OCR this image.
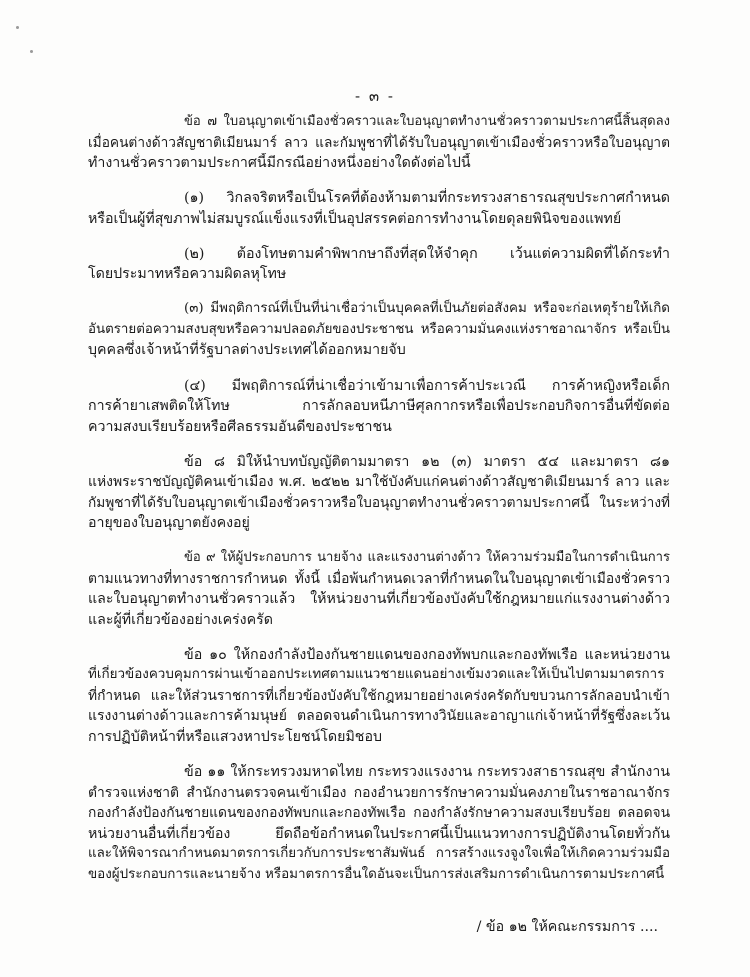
- ๓ -
ข้อ ๗ ใบอนุญาตเข้าเมืองชั่วคราวและใบอนุญาตทำงานชั่วคราวตามประกาศนี้สิ้นสุดลง
เมื่อคนต่างด้าวสัญชาติเมียนมาร์ ลาว และกัมพูชาที่ได้รับใบอนุญาตเข้าเมืองชั่วคราวหรือใบอนุญาต
ทำงานชั่วคราวตามประกาศนี้มีกรณีอย่างหนึ่งอย่างใดดังต่อไปนี้
(๑) วิกลจริตหรือเป็นโรคที่ต้องห้ามตามที่กระทรวงสาธารณสุขประกาศกำหนด
หรือเป็นผู้ที่สุขภาพไม่สมบูรณ์แข็งแรงที่เป็นอุปสรรคต่อการทำงานโดยดุลยพินิจของแพทย์
(๒) ต้องโทษตามคำพิพากษาถึงที่สุดให้จำคุก เว้นแต่ความผิดที่ได้กระทำ
โดยประมาทหรือความผิดลหุโทษ
(๓) มีพฤติการณ์ที่เป็นที่น่าเชื่อว่าเป็นบุคคลที่เป็นภัยต่อสังคม หรือจะก่อเหตุร้ายให้เกิด
อันตรายต่อความสงบสุขหรือความปลอดภัยของประชาชน หรือความมั่นคงแห่งราชอาณาจักร หรือเป็น
บุคคลซึ่งเจ้าหน้าที่รัฐบาลต่างประเทศได้ออกหมายจับ
(๔) มีพฤติการณ์ที่น่าเชื่อว่าเข้ามาเพื่อการค้าประเวณี การค้าหญิงหรือเด็ก
การค้ายาเสพติดให้โทษ การลักลอบหนีภาษีศุลกากรหรือเพื่อประกอบกิจการอื่นที่ขัดต่อ
ความสงบเรียบร้อยหรือศีลธรรมอันดีของประชาชน
ข้อ ๘ มิให้นำบทบัญญัติตามมาตรา ๑๒ (๓) มาตรา ๕๔ และมาตรา ๘๑
แห่งพระราชบัญญัติคนเข้าเมือง พ.ศ. ๒๕๒๒ มาใช้บังคับแก่คนต่างด้าวสัญชาติเมียนมาร์ ลาว และ
กัมพูชาที่ได้รับใบอนุญาตเข้าเมืองชั่วคราวหรือใบอนุญาตทำงานชั่วคราวตามประกาศนี้ ในระหว่างที่
อายุของใบอนุญาตยังคงอยู่
ข้อ ๙ ให้ผู้ประกอบการ นายจ้าง และแรงงานต่างด้าว ให้ความร่วมมือในการดำเนินการ
ตามแนวทางที่ทางราชการกำหนด ทั้งนี้ เมื่อพ้นกำหนดเวลาที่กำหนดในใบอนุญาตเข้าเมืองชั่วคราว
และใบอนุญาตทำงานชั่วคราวแล้ว ให้หน่วยงานที่เกี่ยวข้องบังคับใช้กฎหมายแก่แรงงานต่างด้าว
และผู้ที่เกี่ยวข้องอย่างเคร่งครัด
ข้อ ๑๐ ให้กองกำลังป้องกันชายแดนของกองทัพบกและกองทัพเรือ และหน่วยงาน
ที่เกี่ยวข้องควบคุมการผ่านเข้าออกประเทศตามแนวชายแดนอย่างเข้มงวดและให้เป็นไปตามมาตรการ
ที่กำหนด และให้ส่วนราชการที่เกี่ยวข้องบังคับใช้กฎหมายอย่างเคร่งครัดกับขบวนการลักลอบนำเข้า
แรงงานต่างด้าวและการค้ามนุษย์ ตลอดจนดำเนินการทางวินัยและอาญาแก่เจ้าหน้าที่รัฐซึ่งละเว้น
การปฏิบัติหน้าที่หรือแสวงหาประโยชน์โดยมิชอบ
ข้อ ๑๑ ให้กระทรวงมหาดไทย กระทรวงแรงงาน กระทรวงสาธารณสุข สำนักงาน
ตำรวจแห่งชาติ สำนักงานตรวจคนเข้าเมือง กองอำนวยการรักษาความมั่นคงภายในราชอาณาจักร
กองกำลังป้องกันชายแดนของกองทัพบกและกองทัพเรือ กองกำลังรักษาความสงบเรียบร้อย ตลอดจน
หน่วยงานอื่นที่เกี่ยวข้อง ยึดถือข้อกำหนดในประกาศนี้เป็นแนวทางการปฏิบัติงานโดยทั่วกัน
และให้พิจารณากำหนดมาตรการเกี่ยวกับการประชาสัมพันธ์ การสร้างแรงจูงใจเพื่อให้เกิดความร่วมมือ
ของผู้ประกอบการและนายจ้าง หรือมาตรการอื่นใดอันจะเป็นการส่งเสริมการดำเนินการตามประกาศนี้
/ ข้อ ๑๒ ให้คณะกรรมการ ....
